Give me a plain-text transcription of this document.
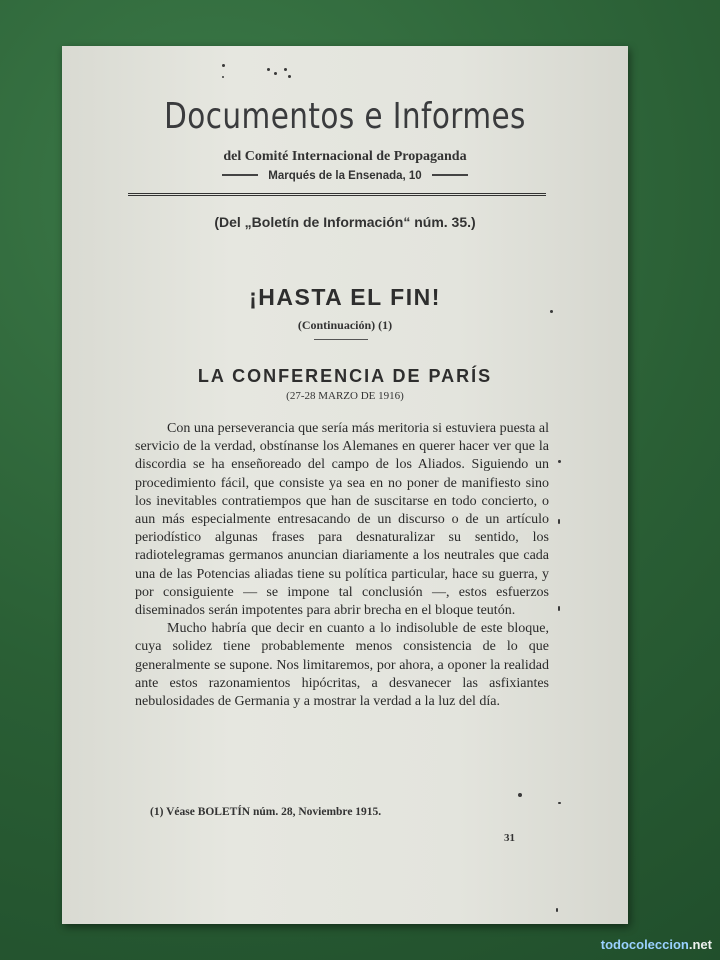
Documentos e Informes
del Comité Internacional de Propaganda
Marqués de la Ensenada, 10
(Del „Boletín de Información“ núm. 35.)
¡HASTA EL FIN!
(Continuación) (1)
LA CONFERENCIA DE PARÍS
(27-28 MARZO DE 1916)

Con una perseverancia que sería más meritoria si estuviera puesta al servicio de la verdad, obstínanse los Alemanes en querer hacer ver que la discordia se ha enseñoreado del campo de los Aliados. Siguiendo un procedimiento fácil, que consiste ya sea en no poner de manifiesto sino los inevitables contratiempos que han de suscitarse en todo concierto, o aun más especialmente entresacando de un discurso o de un artículo periodístico algunas frases para desnaturalizar su sentido, los radiotelegramas germanos anuncian diariamente a los neutrales que cada una de las Potencias aliadas tiene su política particular, hace su guerra, y por consiguiente — se impone tal conclusión —, estos esfuerzos diseminados serán impotentes para abrir brecha en el bloque teutón.

Mucho habría que decir en cuanto a lo indisoluble de este bloque, cuya solidez tiene probablemente menos consistencia de lo que generalmente se supone. Nos limitaremos, por ahora, a oponer la realidad ante estos razonamientos hipócritas, a desvanecer las asfixiantes nebulosidades de Germania y a mostrar la verdad a la luz del día.

(1) Véase BOLETÍN núm. 28, Noviembre 1915.
31
todocoleccion.net
